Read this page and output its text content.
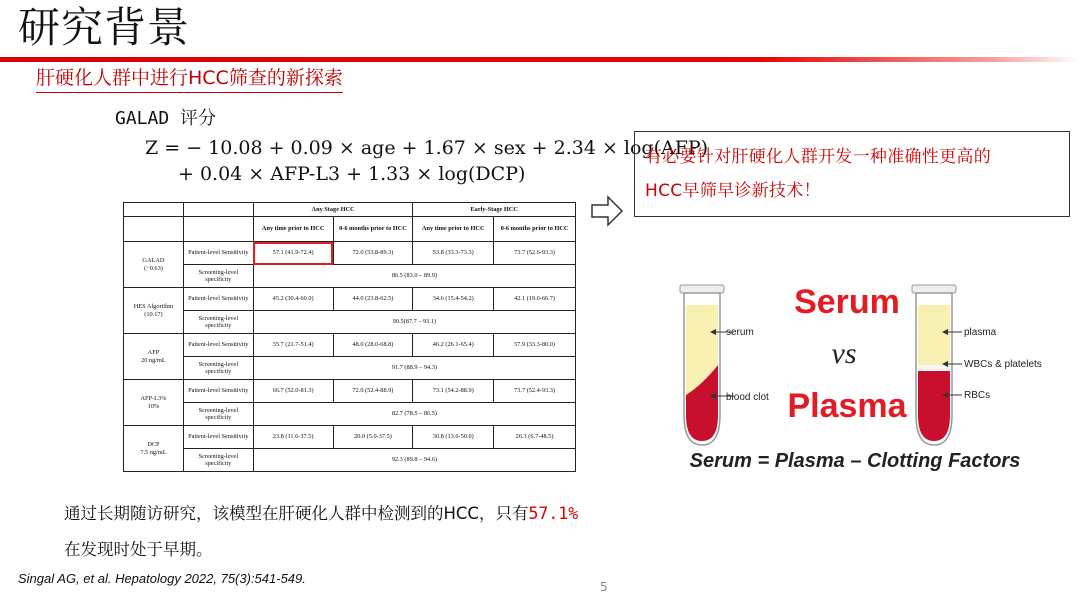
研究背景
肝硬化人群中进行HCC筛查的新探索
GALAD 评分
Z = − 10.08 + 0.09 × age + 1.67 × sex + 2.34 × log(AFP)
+ 0.04 × AFP-L3 + 1.33 × log(DCP)
		Any Stage HCC		Early-Stage HCC	
		Any time prior to HCC	0-6 months prior to HCC	Any time prior to HCC	0-6 months prior to HCC

GALAD
(−0.63)	Patient-level Sensitivity	57.1 (41.9-72.4)	72.0 (53.8-89.3)	53.8 (33.3-73.3)	73.7 (52.6-93.3)
	Screening-level specificity	86.5 (83.0 – 89.9)			

HES Algorithm
(10.17)	Patient-level Sensitivity	45.2 (30.4-60.0)	44.0 (23.8-62.5)	34.6 (15.4-54.2)	42.1 (19.0-66.7)
	Screening-level specificity	90.5(87.7 – 93.1)			

AFP
20 ng/mL	Patient-level Sensitivity	35.7 (21.7-51.4)	48.0 (28.0-68.8)	46.2 (26.1-65.4)	57.9 (33.3-80.0)
	Screening-level specificity	91.7 (88.9 – 94.3)			

AFP-L3%
10%	Patient-level Sensitivity	66.7 (52.0-81.3)	72.0 (52.4-88.9)	73.1 (54.2-88.9)	73.7 (52.4-93.3)
	Screening-level specificity	82.7 (78.5 – 86.5)			

DCP
7.5 ng/mL	Patient-level Sensitivity	23.8 (11.6-37.5)	20.0 (5.0-37.5)	30.8 (13.6-50.0)	26.3 (6.7-48.5)
	Screening-level specificity	92.3 (89.8 – 94.6)			
有必要针对肝硬化人群开发一种准确性更高的
HCC早筛早诊新技术！
serum
blood clot
Serum
vs
Plasma
plasma
WBCs & platelets
RBCs
Serum = Plasma – Clotting Factors
通过长期随访研究，该模型在肝硬化人群中检测到的HCC，只有57.1%
在发现时处于早期。
Singal AG, et al. Hepatology 2022, 75(3):541-549.
5
